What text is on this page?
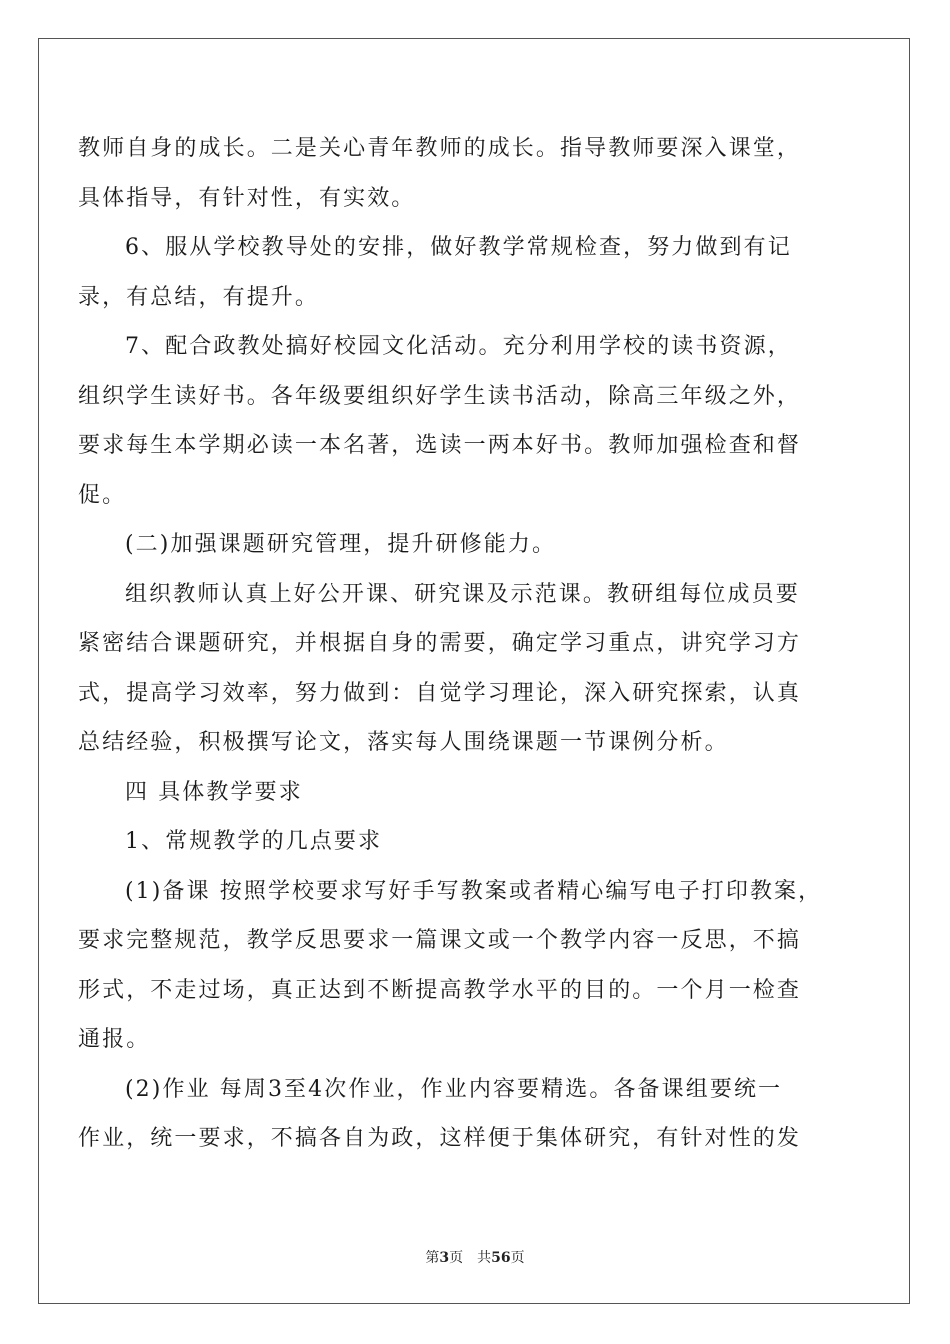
教师自身的成长。二是关心青年教师的成长。指导教师要深入课堂，

具体指导，有针对性，有实效。

6、服从学校教导处的安排，做好教学常规检查，努力做到有记

录，有总结，有提升。

7、配合政教处搞好校园文化活动。充分利用学校的读书资源，

组织学生读好书。各年级要组织好学生读书活动，除高三年级之外，

要求每生本学期必读一本名著，选读一两本好书。教师加强检查和督

促。

(二)加强课题研究管理，提升研修能力。

组织教师认真上好公开课、研究课及示范课。教研组每位成员要

紧密结合课题研究，并根据自身的需要，确定学习重点，讲究学习方

式，提高学习效率，努力做到：自觉学习理论，深入研究探索，认真

总结经验，积极撰写论文，落实每人围绕课题一节课例分析。

四 具体教学要求

1、常规教学的几点要求

(1)备课 按照学校要求写好手写教案或者精心编写电子打印教案，

要求完整规范，教学反思要求一篇课文或一个教学内容一反思，不搞

形式，不走过场，真正达到不断提高教学水平的目的。一个月一检查

通报。

(2)作业 每周3至4次作业，作业内容要精选。各备课组要统一

作业，统一要求，不搞各自为政，这样便于集体研究，有针对性的发

第3页 共56页
